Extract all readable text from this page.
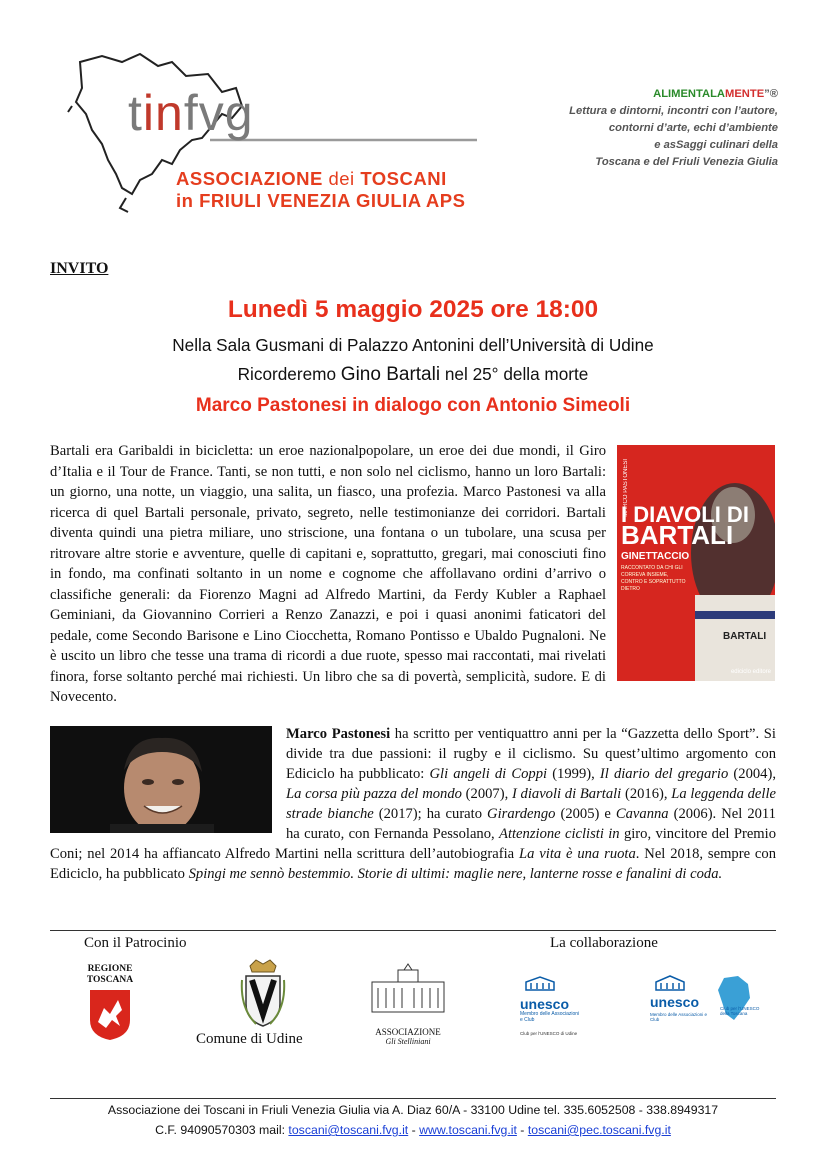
tinfvg
ASSOCIAZIONE dei TOSCANI
in FRIULI VENEZIA GIULIA APS
ALIMENTALAMENTE”®
Lettura e dintorni, incontri con l’autore,
contorni d’arte, echi d’ambiente
e asSaggi culinari della
Toscana e del Friuli Venezia Giulia
INVITO
Lunedì 5 maggio 2025 ore 18:00
Nella Sala Gusmani di Palazzo Antonini dell’Università di Udine
Ricorderemo Gino Bartali nel 25° della morte
Marco Pastonesi in dialogo con Antonio Simeoli
Bartali era Garibaldi in bicicletta: un eroe nazionalpopolare, un eroe dei due mondi, il Giro d’Italia e il Tour de France. Tanti, se non tutti, e non solo nel ciclismo, hanno un loro Bartali: un giorno, una notte, un viaggio, una salita, un fiasco, una profezia. Marco Pastonesi va alla ricerca di quel Bartali personale, privato, segreto, nelle testimonianze dei corridori. Bartali diventa quindi una pietra miliare, uno striscione, una fontana o un tubolare, una scusa per ritrovare altre storie e avventure, quelle di capitani e, soprattutto, gregari, mai conosciuti fino in fondo, ma confinati soltanto in un nome e cognome che affollavano ordini d’arrivo o classifiche generali: da Fiorenzo Magni ad Alfredo Martini, da Ferdy Kubler a Raphael Geminiani, da Giovannino Corrieri a Renzo Zanazzi, e poi i quasi anonimi faticatori del pedale, come Secondo Barisone e Lino Ciocchetta, Romano Pontisso e Ubaldo Pugnaloni. Ne è uscito un libro che tesse una trama di ricordi a due ruote, spesso mai raccontati, mai rivelati finora, forse soltanto perché mai richiesti. Un libro che sa di povertà, semplicità, sudore. E di Novecento.
MARCO PASTONESI
I DIAVOLI DI
BARTALI
GINETTACCIO
RACCONTATO DA CHI GLI CORREVA INSIEME, CONTRO E SOPRATTUTTO DIETRO
BARTALI
ediciclo editore
Marco Pastonesi ha scritto per ventiquattro anni per la “Gazzetta dello Sport”. Si divide tra due passioni: il rugby e il ciclismo. Su quest’ultimo argomento con Ediciclo ha pubblicato: Gli angeli di Coppi (1999), Il diario del gregario (2004), La corsa più pazza del mondo (2007), I diavoli di Bartali (2016), La leggenda delle strade bianche (2017); ha curato Girardengo (2005) e Cavanna (2006). Nel 2011 ha curato, con Fernanda Pessolano, Attenzione ciclisti in giro, vincitore del Premio Coni; nel 2014 ha affiancato Alfredo Martini nella scrittura dell’autobiografia La vita è una ruota. Nel 2018, sempre con Ediciclo, ha pubblicato Spingi me sennò bestemmio. Storie di ultimi: maglie nere, lanterne rosse e fanalini di coda.
Con il Patrocinio	La collaborazione
REGIONE
TOSCANA
Comune di Udine	ASSOCIAZIONE
Gli Stelliniani
unesco
Membro delle Associazioni e Club
Club per l'UNESCO di Udine
unesco
Membro delle Associazioni e Club
Club per l'UNESCO della Toscana
Associazione dei Toscani in Friuli Venezia Giulia via A. Diaz 60/A - 33100 Udine tel. 335.6052508 - 338.8949317
C.F. 94090570303 mail: toscani@toscani.fvg.it - www.toscani.fvg.it - toscani@pec.toscani.fvg.it
